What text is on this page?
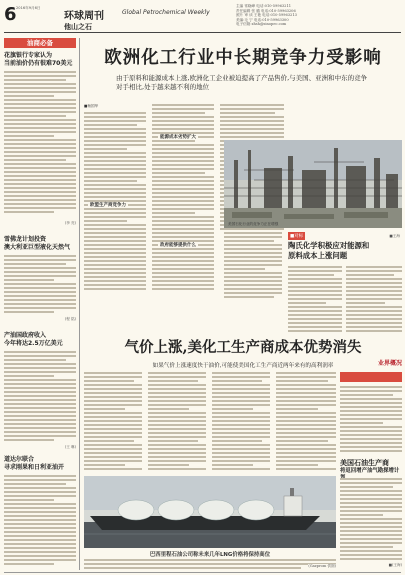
6 2016年9月6日
环球周刊	Global Petrochemical Weekly
他山之石
主编 常晓峰 电话:010-59963211
责任编辑 张 璐 电话:010-59963206
照片 审 读 王艳 电话:010-59963213
美编:毛 宁 电话:010-59963300
电子信箱:zhsh@sinopec.com
油商必备
花旗银行专家认为
当前油价仍有很难70美元
(李 亮)
雪佛龙计划投资
澳大利亚巨型液化天然气
(程 铭)
产油国政府收入
今年将达2.5万亿美元
(王 琳)
道达尔联合
寻求刚果和日利亚油开
欧洲化工行业中长期竞争力受影响
由于原料和能源成本上涨,欧洲化工企业被迫提高了产品售价,与美国、亚洲和中东的竞争对手相比,处于越来越不利的地位
■杨国华
欧盟生产商竞争力
能源成本劣势扩大
政府能够提供什么
美国石化行业的竞争力正在增强
■对标
陶氏化学积极应对能源和原料成本上涨问题
■王海
气价上涨,美化工生产商成本优势消失
如果气价上涨速度快于油价,可能使美国化工生产商近两年来有的高利润率	业界概况
美国石油生产商
将返回增产油气勘探增计
■(王海)
巴西里程石油公司称未来几年LNG价格将保持高位
(Gazprom 供图)
